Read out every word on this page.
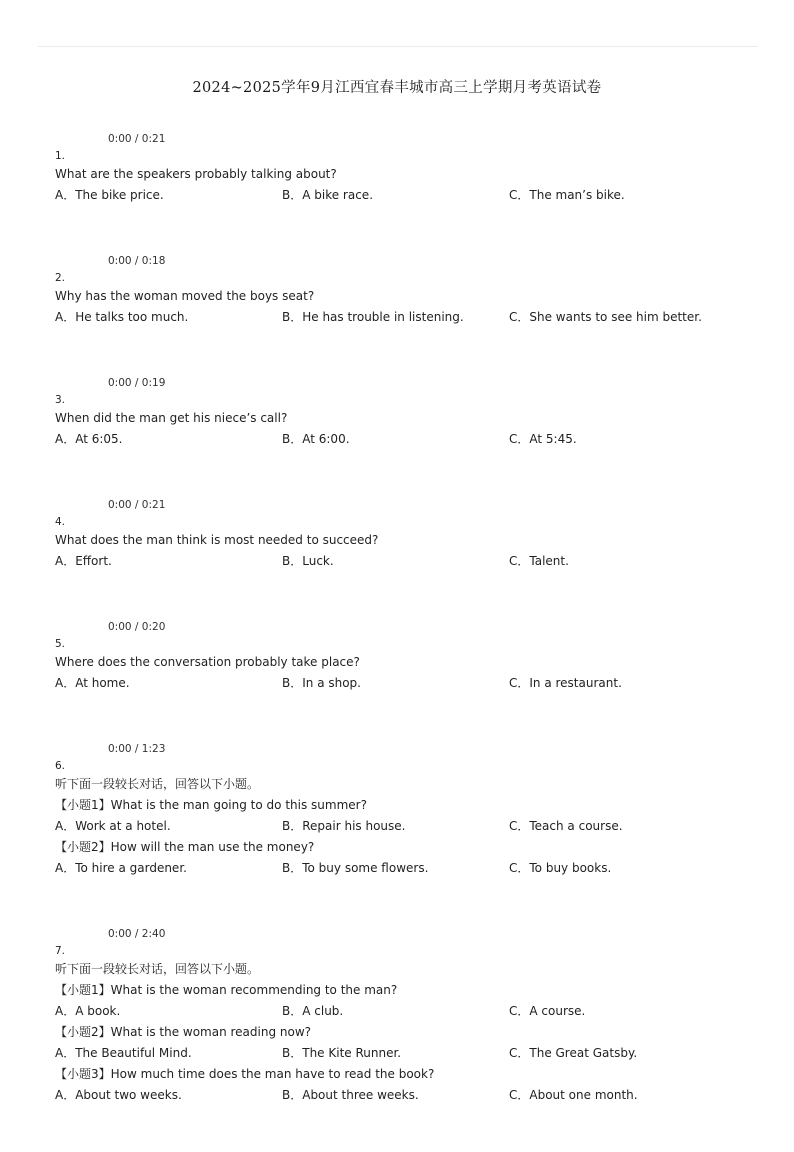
2024~2025学年9月江西宜春丰城市高三上学期月考英语试卷
0:00 / 0:21
1.
What are the speakers probably talking about?
A．The bike price.	B．A bike race.	C．The man’s bike.
0:00 / 0:18
2.
Why has the woman moved the boys seat?
A．He talks too much.	B．He has trouble in listening.	C．She wants to see him better.
0:00 / 0:19
3.
When did the man get his niece’s call?
A．At 6:05.	B．At 6:00.	C．At 5:45.
0:00 / 0:21
4.
What does the man think is most needed to succeed?
A．Effort.	B．Luck.	C．Talent.
0:00 / 0:20
5.
Where does the conversation probably take place?
A．At home.	B．In a shop.	C．In a restaurant.
0:00 / 1:23
6.
听下面一段较长对话，回答以下小题。
【小题1】What is the man going to do this summer?
A．Work at a hotel.	B．Repair his house.	C．Teach a course.
【小题2】How will the man use the money?
A．To hire a gardener.	B．To buy some flowers.	C．To buy books.
0:00 / 2:40
7.
听下面一段较长对话，回答以下小题。
【小题1】What is the woman recommending to the man?
A．A book.	B．A club.	C．A course.
【小题2】What is the woman reading now?
A．The Beautiful Mind.	B．The Kite Runner.	C．The Great Gatsby.
【小题3】How much time does the man have to read the book?
A．About two weeks.	B．About three weeks.	C．About one month.
